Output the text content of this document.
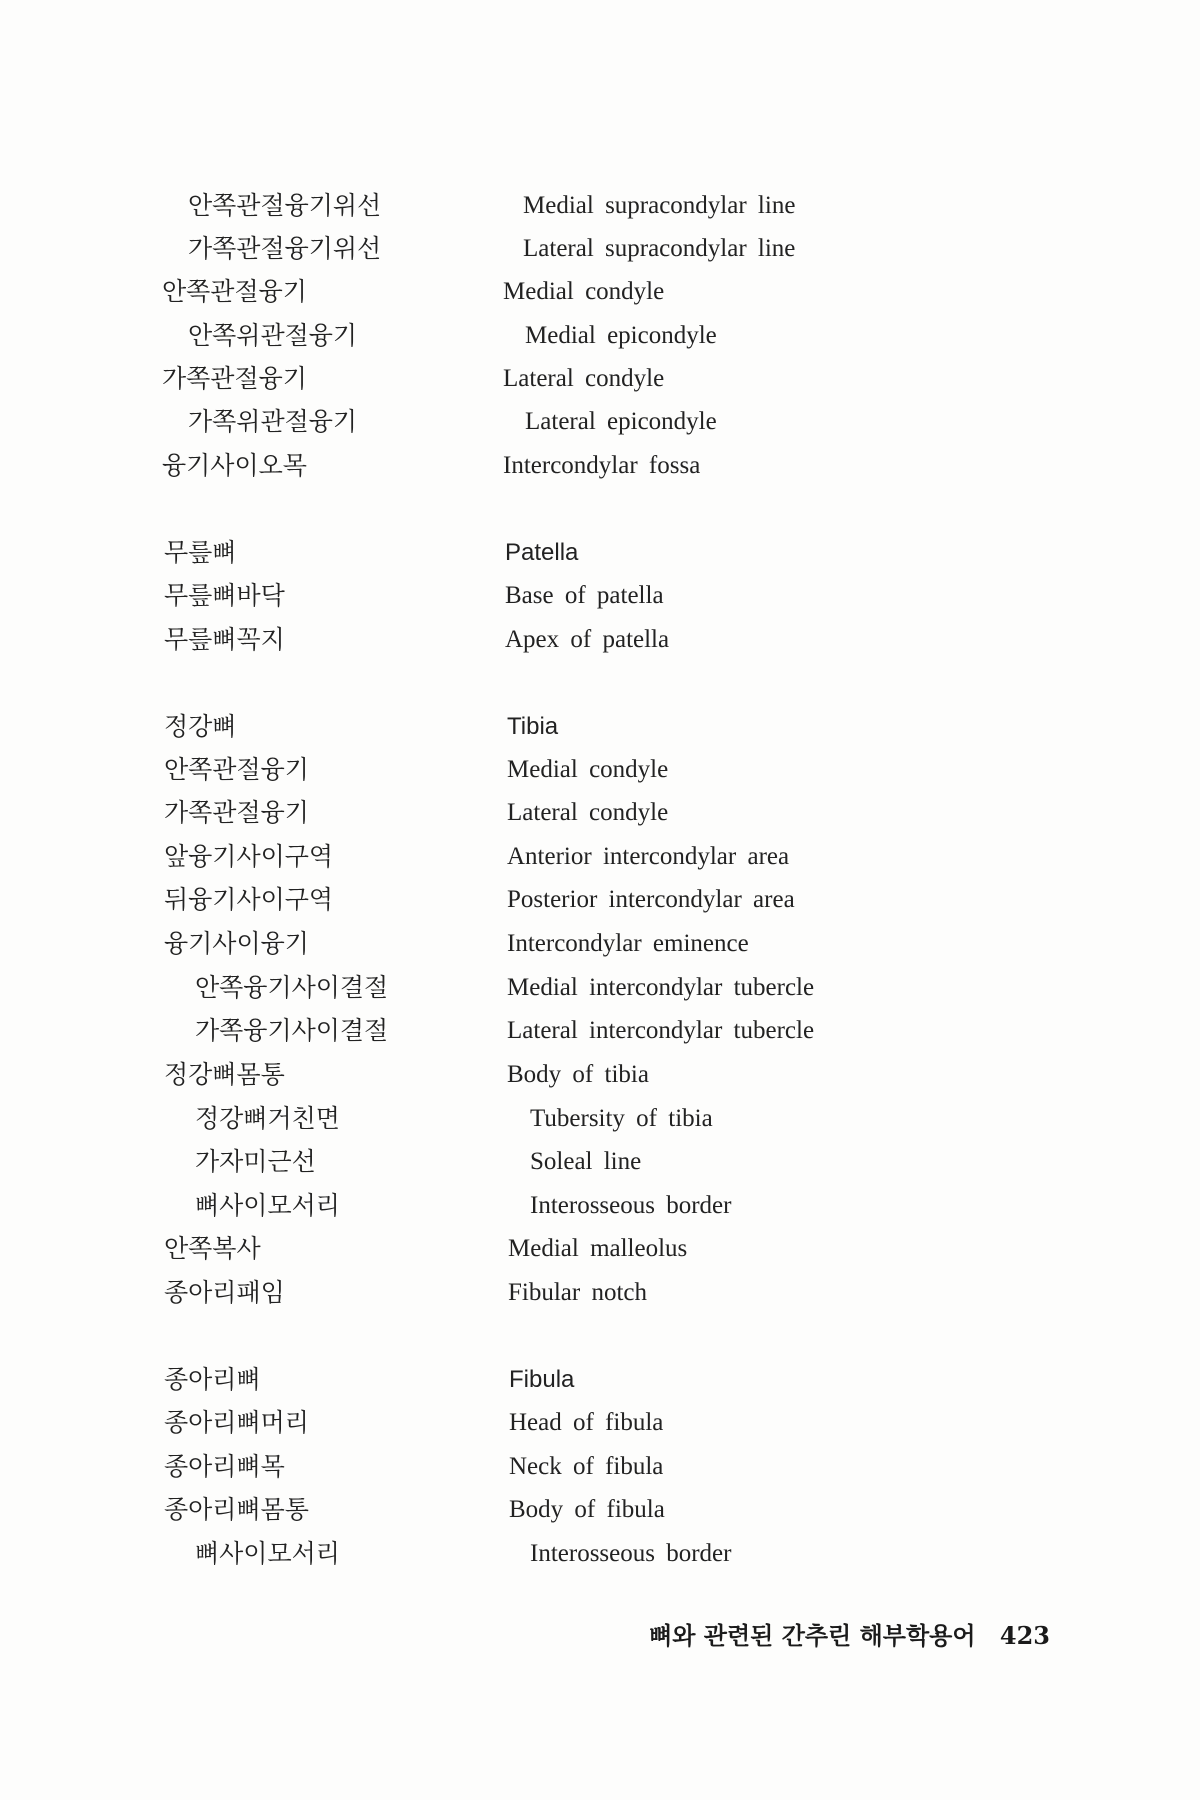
안쪽관절융기위선	Medial supracondylar line
가쪽관절융기위선	Lateral supracondylar line
안쪽관절융기	Medial condyle
안쪽위관절융기	Medial epicondyle
가쪽관절융기	Lateral condyle
가쪽위관절융기	Lateral epicondyle
융기사이오목	Intercondylar fossa
무릎뼈	Patella
무릎뼈바닥	Base of patella
무릎뼈꼭지	Apex of patella
정강뼈	Tibia
안쪽관절융기	Medial condyle
가쪽관절융기	Lateral condyle
앞융기사이구역	Anterior intercondylar area
뒤융기사이구역	Posterior intercondylar area
융기사이융기	Intercondylar eminence
안쪽융기사이결절	Medial intercondylar tubercle
가쪽융기사이결절	Lateral intercondylar tubercle
정강뼈몸통	Body of tibia
정강뼈거친면	Tubersity of tibia
가자미근선	Soleal line
뼈사이모서리	Interosseous border
안쪽복사	Medial malleolus
종아리패임	Fibular notch
종아리뼈	Fibula
종아리뼈머리	Head of fibula
종아리뼈목	Neck of fibula
종아리뼈몸통	Body of fibula
뼈사이모서리	Interosseous border
뼈와 관련된 간추린 해부학용어 423
